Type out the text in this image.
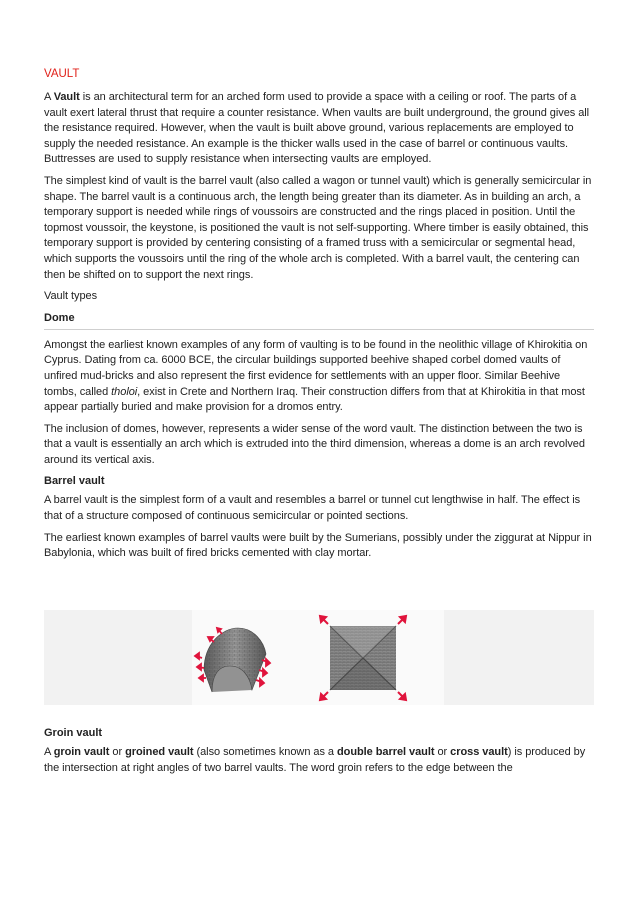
VAULT

A Vault is an architectural term for an arched form used to provide a space with a ceiling or roof. The parts of a vault exert lateral thrust that require a counter resistance. When vaults are built underground, the ground gives all the resistance required. However, when the vault is built above ground, various replacements are employed to supply the needed resistance. An example is the thicker walls used in the case of barrel or continuous vaults. Buttresses are used to supply resistance when intersecting vaults are employed.

The simplest kind of vault is the barrel vault (also called a wagon or tunnel vault) which is generally semicircular in shape. The barrel vault is a continuous arch, the length being greater than its diameter. As in building an arch, a temporary support is needed while rings of voussoirs are constructed and the rings placed in position. Until the topmost voussoir, the keystone, is positioned the vault is not self-supporting. Where timber is easily obtained, this temporary support is provided by centering consisting of a framed truss with a semicircular or segmental head, which supports the voussoirs until the ring of the whole arch is completed. With a barrel vault, the centering can then be shifted on to support the next rings.

Vault types

Dome

Amongst the earliest known examples of any form of vaulting is to be found in the neolithic village of Khirokitia on Cyprus. Dating from ca. 6000 BCE, the circular buildings supported beehive shaped corbel domed vaults of unfired mud-bricks and also represent the first evidence for settlements with an upper floor. Similar Beehive tombs, called tholoi, exist in Crete and Northern Iraq. Their construction differs from that at Khirokitia in that most appear partially buried and make provision for a dromos entry.

The inclusion of domes, however, represents a wider sense of the word vault. The distinction between the two is that a vault is essentially an arch which is extruded into the third dimension, whereas a dome is an arch revolved around its vertical axis.

Barrel vault

A barrel vault is the simplest form of a vault and resembles a barrel or tunnel cut lengthwise in half. The effect is that of a structure composed of continuous semicircular or pointed sections.

The earliest known examples of barrel vaults were built by the Sumerians, possibly under the ziggurat at Nippur in Babylonia, which was built of fired bricks cemented with clay mortar.

Groin vault

A groin vault or groined vault (also sometimes known as a double barrel vault or cross vault) is produced by the intersection at right angles of two barrel vaults. The word groin refers to the edge between the
